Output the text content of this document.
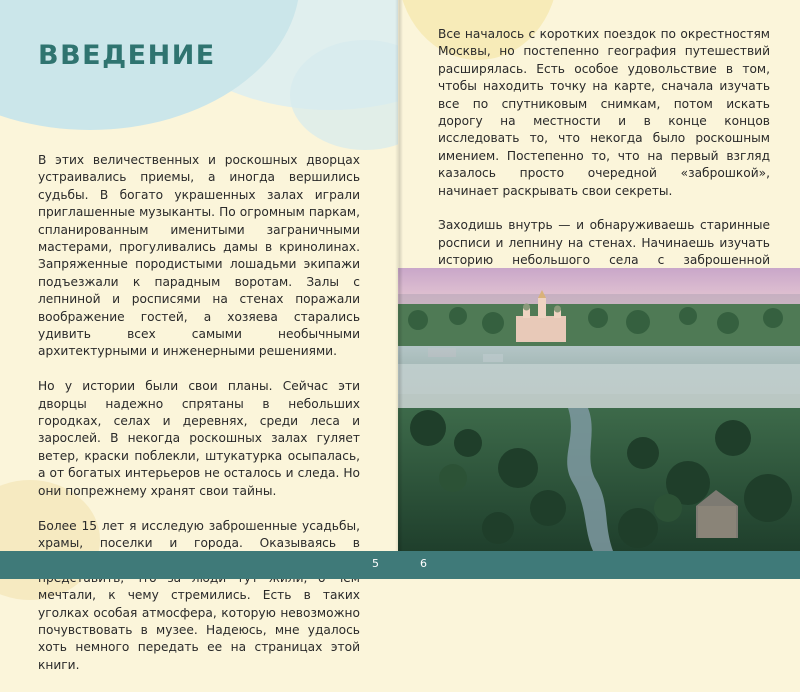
ВВЕДЕНИЕ

В этих величественных и роскошных дворцах устраивались приемы, а иногда вершились судьбы. В богато украшенных залах играли приглашенные музыканты. По огромным паркам, спланированным именитыми заграничными мастерами, прогуливались дамы в кринолинах. Запряженные породистыми лошадьми экипажи подъезжали к парадным воротам. Залы с лепниной и росписями на стенах поражали воображение гостей, а хозяева старались удивить всех самыми необычными архитектурными и инженерными решениями.

Но у истории были свои планы. Сейчас эти дворцы надежно спрятаны в небольших городках, селах и деревнях, среди леса и зарослей. В некогда роскошных залах гуляет ветер, краски поблекли, штукатурка осыпалась, а от богатых интерьеров не осталось и следа. Но они попрежнему хранят свои тайны.

Более 15 лет я исследую заброшенные усадьбы, храмы, поселки и города. Оказываясь в мечтали, к чему стремились. Есть в таких уголках особая атмосфера, которую невозможно почувствовать в музее. Надеюсь, мне удалось хоть немного передать ее на страницах этой книги.

Все началось с коротких поездок по окрестностям Москвы, но постепенно география путешествий расширялась. Есть особое удовольствие в том, чтобы находить точку на карте, сначала изучать все по спутниковым снимкам, потом искать дорогу на местности и в конце концов исследовать то, что некогда было роскошным имением. Постепенно то, что на первый взгляд казалось просто очередной «заброшкой», начинает раскрывать свои секреты.

Заходишь внутрь — и обнаруживаешь старинные росписи и лепнину на стенах. Начинаешь изучать историю небольшого села с заброшенной

5	6
